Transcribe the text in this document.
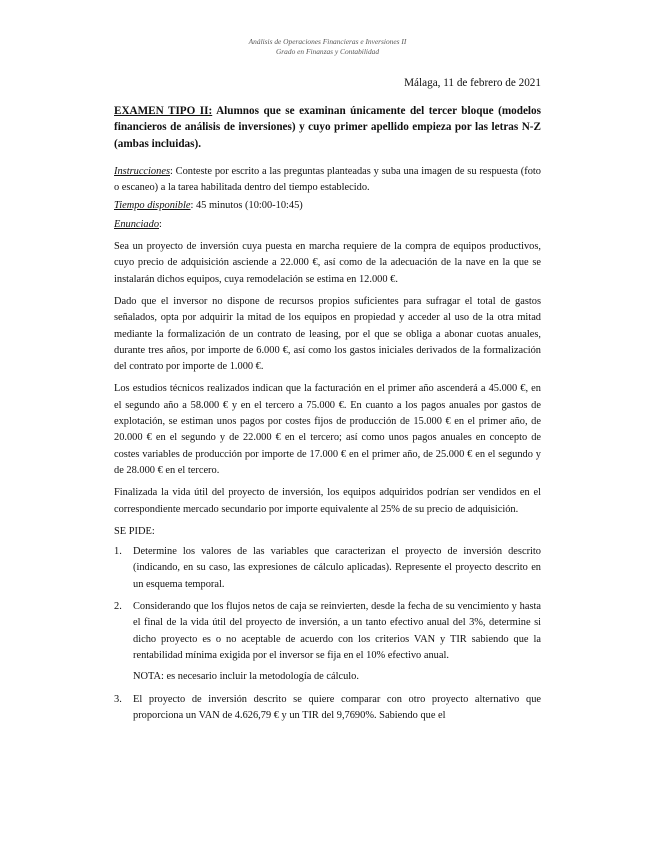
Análisis de Operaciones Financieras e Inversiones II
Grado en Finanzas y Contabilidad
Málaga, 11 de febrero de 2021
EXAMEN TIPO II: Alumnos que se examinan únicamente del tercer bloque (modelos financieros de análisis de inversiones) y cuyo primer apellido empieza por las letras N-Z (ambas incluidas).

Instrucciones: Conteste por escrito a las preguntas planteadas y suba una imagen de su respuesta (foto o escaneo) a la tarea habilitada dentro del tiempo establecido.

Tiempo disponible: 45 minutos (10:00-10:45)

Enunciado:

Sea un proyecto de inversión cuya puesta en marcha requiere de la compra de equipos productivos, cuyo precio de adquisición asciende a 22.000 €, así como de la adecuación de la nave en la que se instalarán dichos equipos, cuya remodelación se estima en 12.000 €.

Dado que el inversor no dispone de recursos propios suficientes para sufragar el total de gastos señalados, opta por adquirir la mitad de los equipos en propiedad y acceder al uso de la otra mitad mediante la formalización de un contrato de leasing, por el que se obliga a abonar cuotas anuales, durante tres años, por importe de 6.000 €, así como los gastos iniciales derivados de la formalización del contrato por importe de 1.000 €.

Los estudios técnicos realizados indican que la facturación en el primer año ascenderá a 45.000 €, en el segundo año a 58.000 € y en el tercero a 75.000 €. En cuanto a los pagos anuales por gastos de explotación, se estiman unos pagos por costes fijos de producción de 15.000 € en el primer año, de 20.000 € en el segundo y de 22.000 € en el tercero; así como unos pagos anuales en concepto de costes variables de producción por importe de 17.000 € en el primer año, de 25.000 € en el segundo y de 28.000 € en el tercero.

Finalizada la vida útil del proyecto de inversión, los equipos adquiridos podrían ser vendidos en el correspondiente mercado secundario por importe equivalente al 25% de su precio de adquisición.

SE PIDE:

1. Determine los valores de las variables que caracterizan el proyecto de inversión descrito (indicando, en su caso, las expresiones de cálculo aplicadas). Represente el proyecto descrito en un esquema temporal.
2. Considerando que los flujos netos de caja se reinvierten, desde la fecha de su vencimiento y hasta el final de la vida útil del proyecto de inversión, a un tanto efectivo anual del 3%, determine si dicho proyecto es o no aceptable de acuerdo con los criterios VAN y TIR sabiendo que la rentabilidad mínima exigida por el inversor se fija en el 10% efectivo anual.

NOTA: es necesario incluir la metodología de cálculo.

3. El proyecto de inversión descrito se quiere comparar con otro proyecto alternativo que proporciona un VAN de 4.626,79 € y un TIR del 9,7690%. Sabiendo que el
